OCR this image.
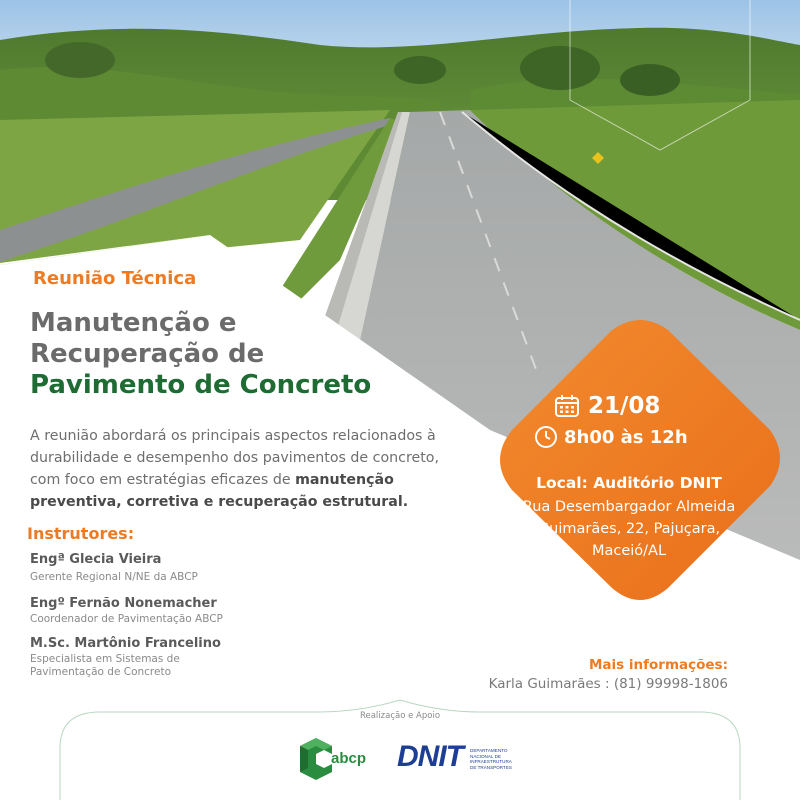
Reunião Técnica
Manutenção e
Recuperação de
Pavimento de Concreto
A reunião abordará os principais aspectos relacionados à durabilidade e desempenho dos pavimentos de concreto, com foco em estratégias eficazes de manutenção preventiva, corretiva e recuperação estrutural.
Instrutores:
Engª Glecia Vieira
Gerente Regional N/NE da ABCP
Engº Fernão Nonemacher
Coordenador de Pavimentação ABCP
M.Sc. Martônio Francelino
Especialista em Sistemas de
Pavimentação de Concreto
21/08
8h00 às 12h
Local: Auditório DNIT
Rua Desembargador Almeida
Guimarães, 22, Pajuçara,
Maceió/AL
Mais informações:
Karla Guimarães : (81) 99998-1806
Realização e Apoio
abcp DNIT DEPARTAMENTO
NACIONAL DE
INFRAESTRUTURA
DE TRANSPORTES
